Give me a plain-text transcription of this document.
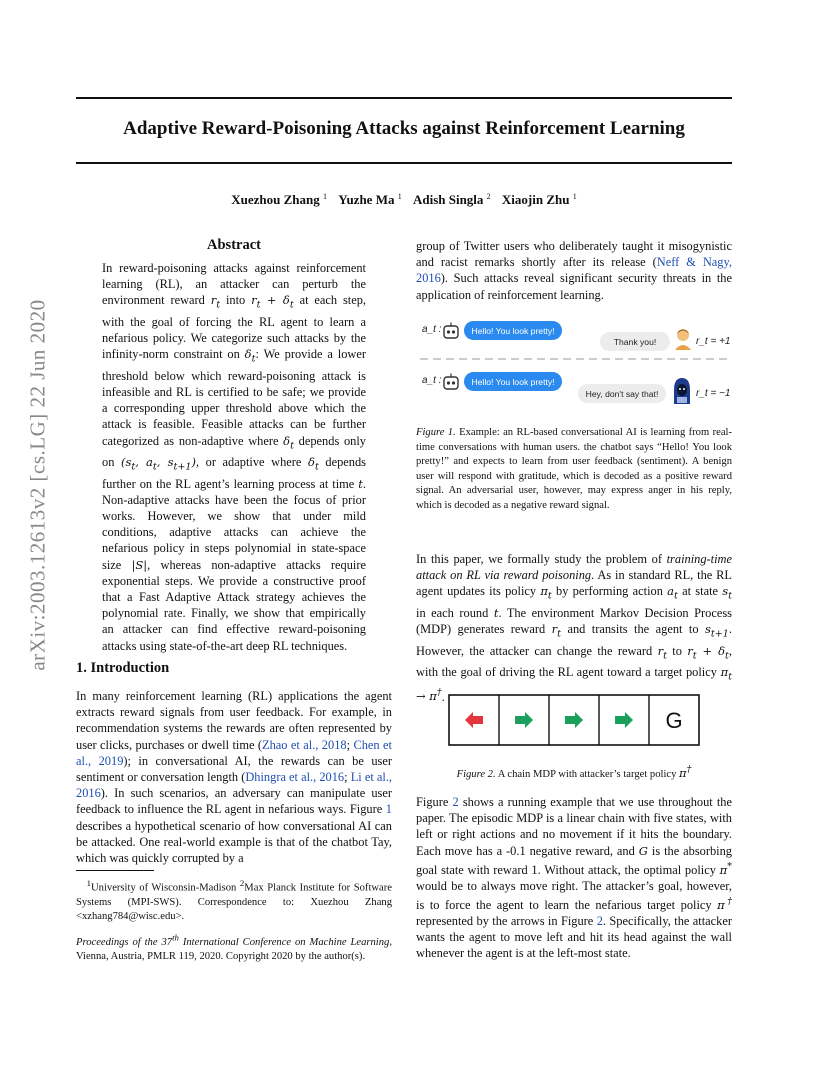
Adaptive Reward-Poisoning Attacks against Reinforcement Learning
Xuezhou Zhang $^1$ Yuzhe Ma $^1$ Adish Singla $^2$ Xiaojin Zhu $^1$
arXiv:2003.12613v2 [cs.LG] 22 Jun 2020
Abstract

In reward-poisoning attacks against reinforcement learning (RL), an attacker can perturb the environment reward $r_t$ into $r_t + \delta_t$ at each step, with the goal of forcing the RL agent to learn a nefarious policy. We categorize such attacks by the infinity-norm constraint on $\delta_t$: We provide a lower threshold below which reward-poisoning attack is infeasible and RL is certified to be safe; we provide a corresponding upper threshold above which the attack is feasible. Feasible attacks can be further categorized as non-adaptive where $\delta_t$ depends only on ($s_t$, $a_t$, $s_{t+1}$), or adaptive where $\delta_t$ depends further on the RL agent’s learning process at time t. Non-adaptive attacks have been the focus of prior works. However, we show that under mild conditions, adaptive attacks can achieve the nefarious policy in steps polynomial in state-space size |S|, whereas non-adaptive attacks require exponential steps. We provide a constructive proof that a Fast Adaptive Attack strategy achieves the polynomial rate. Finally, we show that empirically an attacker can find effective reward-poisoning attacks using state-of-the-art deep RL techniques.

1. Introduction

In many reinforcement learning (RL) applications the agent extracts reward signals from user feedback. For example, in recommendation systems the rewards are often represented by user clicks, purchases or dwell time (Zhao et al., 2018; Chen et al., 2019); in conversational AI, the rewards can be user sentiment or conversation length (Dhingra et al., 2016; Li et al., 2016). In such scenarios, an adversary can manipulate user feedback to influence the RL agent in nefarious ways. Figure 1 describes a hypothetical scenario of how conversational AI can be attacked. One real-world example is that of the chatbot Tay, which was quickly corrupted by a

$^1$University of Wisconsin-Madison $^2$Max Planck Institute for Software Systems (MPI-SWS). Correspondence to: Xuezhou Zhang <xzhang784@wisc.edu>.

Proceedings of the 37th International Conference on Machine Learning, Vienna, Austria, PMLR 119, 2020. Copyright 2020 by the author(s).

group of Twitter users who deliberately taught it misogynistic and racist remarks shortly after its release (Neff & Nagy, 2016). Such attacks reveal significant security threats in the application of reinforcement learning.

a_t :	Hello! You look pretty!
Thank you!	r_t = +1
a_t :	Hello! You look pretty!
Hey, don't say that!	r_t = −1

Figure 1. Example: an RL-based conversational AI is learning from real-time conversations with human users. the chatbot says “Hello! You look pretty!” and expects to learn from user feedback (sentiment). A benign user will respond with gratitude, which is decoded as a positive reward signal. An adversarial user, however, may express anger in his reply, which is decoded as a negative reward signal.

In this paper, we formally study the problem of training-time attack on RL via reward poisoning. As in standard RL, the RL agent updates its policy $\pi_t$ by performing action $a_t$ at state $s_t$ in each round t. The environment Markov Decision Process (MDP) generates reward $r_t$ and transits the agent to $s_{t+1}$. However, the attacker can change the reward $r_t$ to $r_t + \delta_t$, with the goal of driving the RL agent toward a target policy $\pi_t \to \pi^\dagger$.

G
Figure 2. A chain MDP with attacker’s target policy π†

Figure 2 shows a running example that we use throughout the paper. The episodic MDP is a linear chain with five states, with left or right actions and no movement if it hits the boundary. Each move has a -0.1 negative reward, and G is the absorbing goal state with reward 1. Without attack, the optimal policy π* would be to always move right. The attacker’s goal, however, is to force the agent to learn the nefarious target policy π† represented by the arrows in Figure 2. Specifically, the attacker wants the agent to move left and hit its head against the wall whenever the agent is at the left-most state.
